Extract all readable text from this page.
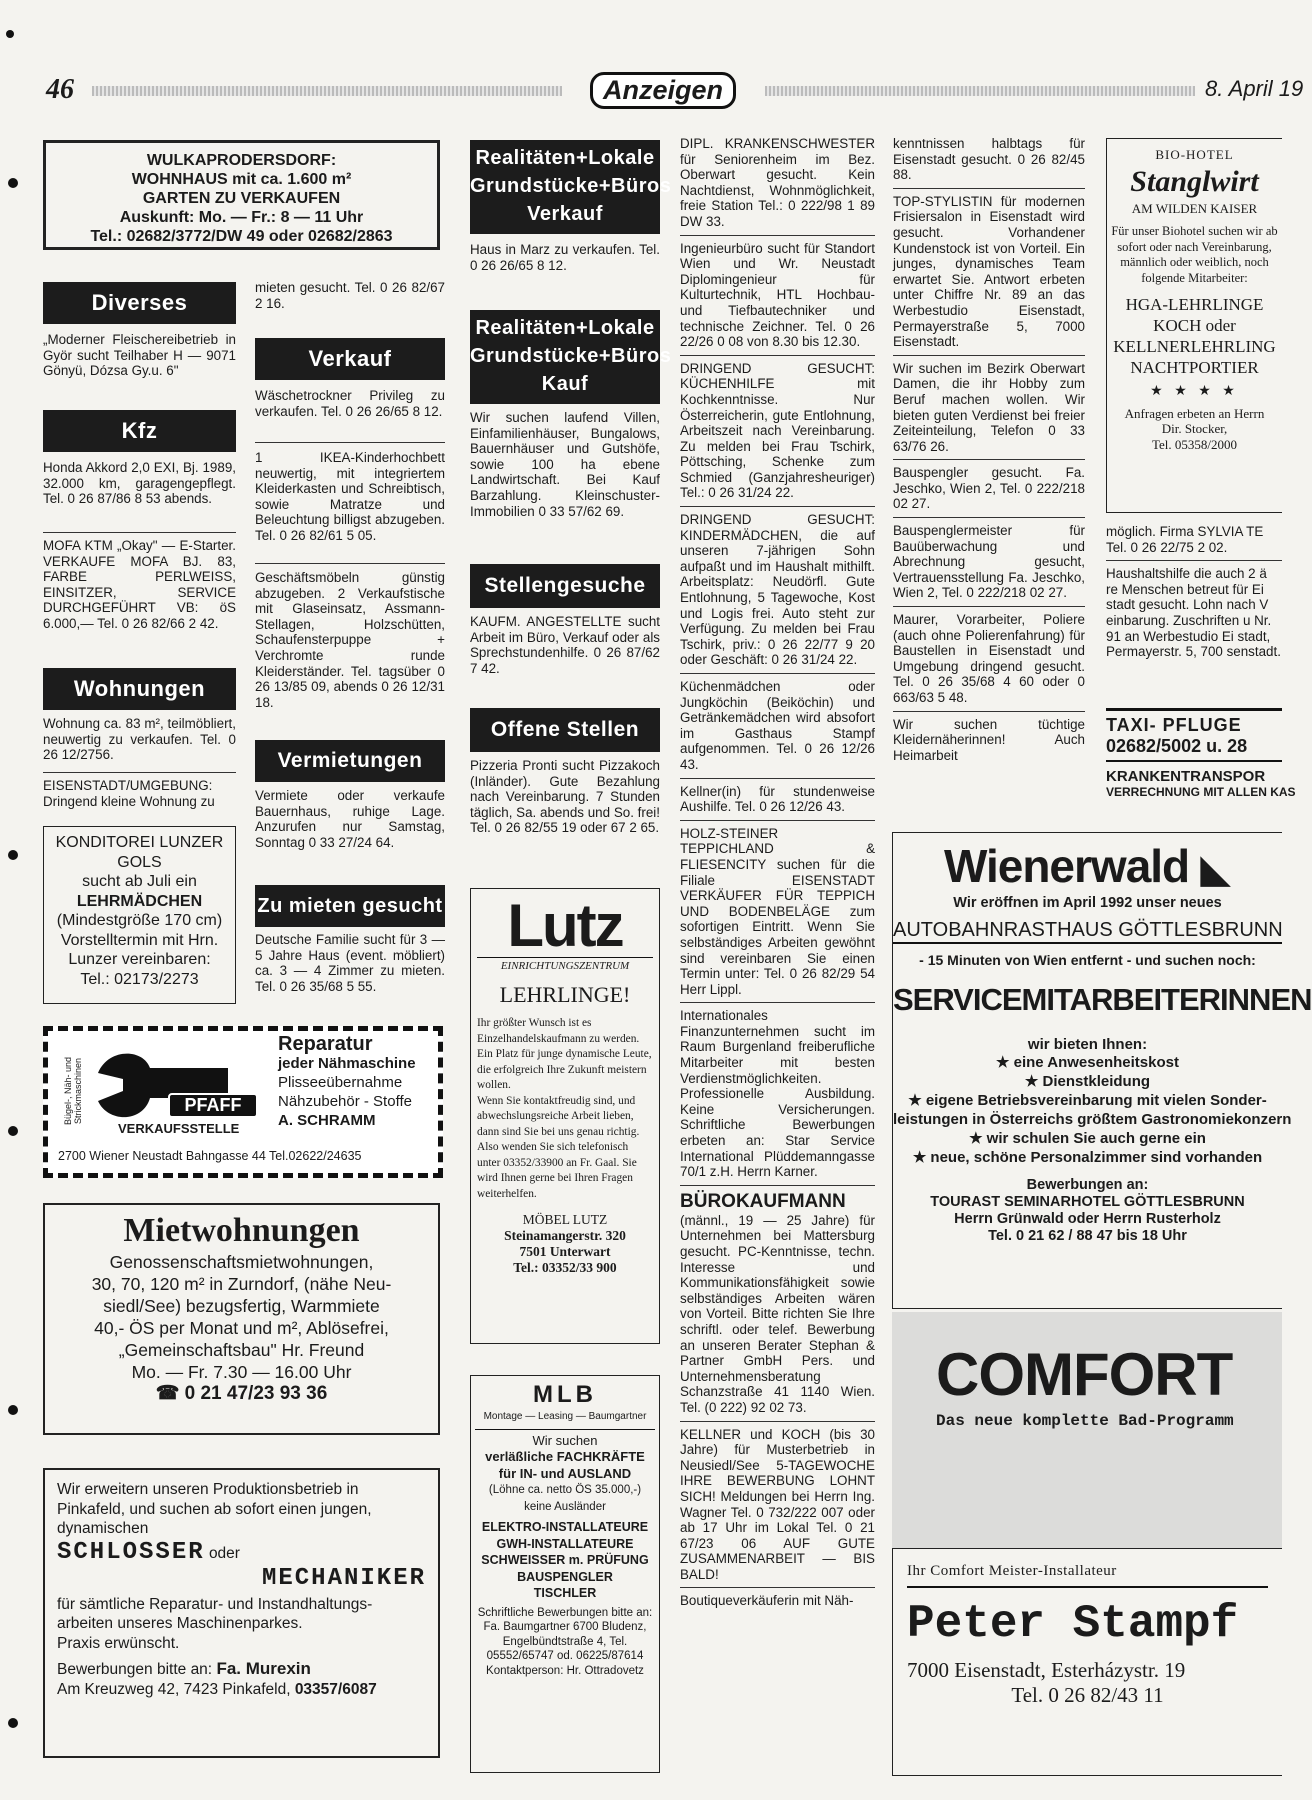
46	Anzeigen	8. April 19
WULKAPRODERSDORF:
WOHNHAUS mit ca. 1.600 m²
GARTEN ZU VERKAUFEN
Auskunft: Mo. — Fr.: 8 — 11 Uhr
Tel.: 02682/3772/DW 49 oder 02682/2863
Diverses
„Moderner Fleischereibetrieb in Györ sucht Teilhaber H — 9071 Gönyü, Dózsa Gy.u. 6"
Kfz
Honda Akkord 2,0 EXI, Bj. 1989, 32.000 km, garagengepflegt. Tel. 0 26 87/86 8 53 abends.
MOFA KTM „Okay" — E-Starter. VERKAUFE MOFA BJ. 83, FARBE PERLWEISS, EINSITZER, SERVICE DURCHGEFÜHRT VB: öS 6.000,— Tel. 0 26 82/66 2 42.
Wohnungen
Wohnung ca. 83 m², teilmöbliert, neuwertig zu verkaufen. Tel. 0 26 12/2756.
EISENSTADT/UMGEBUNG: Dringend kleine Wohnung zu
KONDITOREI LUNZER
GOLS
sucht ab Juli ein
LEHRMÄDCHEN
(Mindestgröße 170 cm)
Vorstelltermin mit Hrn.
Lunzer vereinbaren:
Tel.: 02173/2273
Bügel-, Näh- und Strickmaschinen	PFAFF
VERKAUFSSTELLE
Reparatur
jeder Nähmaschine
Plisseeübernahme
Nähzubehör - Stoffe
A. SCHRAMM
2700 Wiener Neustadt Bahngasse 44 Tel.02622/24635
Mietwohnungen
Genossenschaftsmietwohnungen,
30, 70, 120 m² in Zurndorf, (nähe Neu-
siedl/See) bezugsfertig, Warmmiete
40,- ÖS per Monat und m², Ablösefrei,
„Gemeinschaftsbau" Hr. Freund
Mo. — Fr. 7.30 — 16.00 Uhr
☎ 0 21 47/23 93 36
Wir erweitern unseren Produktionsbetrieb in
Pinkafeld, und suchen ab sofort einen jungen,
dynamischen
SCHLOSSER oder
MECHANIKER
für sämtliche Reparatur- und Instandhaltungs-
arbeiten unseres Maschinenparkes.
Praxis erwünscht.
Bewerbungen bitte an: Fa. Murexin
Am Kreuzweg 42, 7423 Pinkafeld, 03357/6087
mieten gesucht. Tel. 0 26 82/67 2 16.
Verkauf
Wäschetrockner Privileg zu verkaufen. Tel. 0 26 26/65 8 12.
1 IKEA-Kinderhochbett neuwertig, mit integriertem Kleiderkasten und Schreibtisch, sowie Matratze und Beleuchtung billigst abzugeben. Tel. 0 26 82/61 5 05.
Geschäftsmöbeln günstig abzugeben. 2 Verkaufstische mit Glaseinsatz, Assmann-Stellagen, Holzschütten, Schaufensterpuppe + Verchromte runde Kleiderständer. Tel. tagsüber 0 26 13/85 09, abends 0 26 12/31 18.
Vermietungen
Vermiete oder verkaufe Bauernhaus, ruhige Lage. Anzurufen nur Samstag, Sonntag 0 33 27/24 64.
Zu mieten gesucht
Deutsche Familie sucht für 3 — 5 Jahre Haus (event. möbliert) ca. 3 — 4 Zimmer zu mieten. Tel. 0 26 35/68 5 55.
Realitäten+Lokale Grundstücke+Büros Verkauf
Haus in Marz zu verkaufen. Tel. 0 26 26/65 8 12.
Realitäten+Lokale Grundstücke+Büros Kauf
Wir suchen laufend Villen, Einfamilienhäuser, Bungalows, Bauernhäuser und Gutshöfe, sowie 100 ha ebene Landwirtschaft. Bei Kauf Barzahlung. Kleinschuster-Immobilien 0 33 57/62 69.
Stellengesuche
KAUFM. ANGESTELLTE sucht Arbeit im Büro, Verkauf oder als Sprechstundenhilfe. 0 26 87/62 7 42.
Offene Stellen
Pizzeria Pronti sucht Pizzakoch (Inländer). Gute Bezahlung nach Vereinbarung. 7 Stunden täglich, Sa. abends und So. frei! Tel. 0 26 82/55 19 oder 67 2 65.
Lutz
EINRICHTUNGSZENTRUM
LEHRLINGE!
Ihr größter Wunsch ist es Einzelhandelskaufmann zu werden. Ein Platz für junge dynamische Leute, die erfolgreich Ihre Zukunft meistern wollen.
Wenn Sie kontaktfreudig sind, und abwechslungsreiche Arbeit lieben, dann sind Sie bei uns genau richtig. Also wenden Sie sich telefonisch unter 03352/33900 an Fr. Gaal. Sie wird Ihnen gerne bei Ihren Fragen weiterhelfen.
MÖBEL LUTZ
Steinamangerstr. 320
7501 Unterwart
Tel.: 03352/33 900
MLB
Montage — Leasing — Baumgartner
Wir suchen
verläßliche FACHKRÄFTE
für IN- und AUSLAND
(Löhne ca. netto ÖS 35.000,-)
keine Ausländer
ELEKTRO-INSTALLATEURE
GWH-INSTALLATEURE
SCHWEISSER m. PRÜFUNG
BAUSPENGLER
TISCHLER
Schriftliche Bewerbungen bitte an: Fa. Baumgartner 6700 Bludenz, Engelbündtstraße 4, Tel. 05552/65747 od. 06225/87614 Kontaktperson: Hr. Ottradovetz
DIPL. KRANKENSCHWESTER für Seniorenheim im Bez. Oberwart gesucht. Kein Nachtdienst, Wohnmöglichkeit, freie Station Tel.: 0 222/98 1 89 DW 33.
Ingenieurbüro sucht für Standort Wien und Wr. Neustadt Diplomingenieur für Kulturtechnik, HTL Hochbau- und Tiefbautechniker und technische Zeichner. Tel. 0 26 22/26 0 08 von 8.30 bis 12.30.
DRINGEND GESUCHT: KÜCHENHILFE mit Kochkenntnisse. Nur Österreicherin, gute Entlohnung, Arbeitszeit nach Vereinbarung. Zu melden bei Frau Tschirk, Pöttsching, Schenke zum Schmied (Ganzjahresheuriger) Tel.: 0 26 31/24 22.
DRINGEND GESUCHT: KINDERMÄDCHEN, die auf unseren 7-jährigen Sohn aufpaßt und im Haushalt mithilft. Arbeitsplatz: Neudörfl. Gute Entlohnung, 5 Tagewoche, Kost und Logis frei. Auto steht zur Verfügung. Zu melden bei Frau Tschirk, priv.: 0 26 22/77 9 20 oder Geschäft: 0 26 31/24 22.
Küchenmädchen oder Jungköchin (Beiköchin) und Getränkemädchen wird absofort im Gasthaus Stampf aufgenommen. Tel. 0 26 12/26 43.
Kellner(in) für stundenweise Aushilfe. Tel. 0 26 12/26 43.
HOLZ-STEINER TEPPICHLAND & FLIESENCITY suchen für die Filiale EISENSTADT VERKÄUFER FÜR TEPPICH UND BODENBELÄGE zum sofortigen Eintritt. Wenn Sie selbständiges Arbeiten gewöhnt sind vereinbaren Sie einen Termin unter: Tel. 0 26 82/29 54 Herr Lippl.
Internationales Finanzunternehmen sucht im Raum Burgenland freiberufliche Mitarbeiter mit besten Verdienstmöglichkeiten. Professionelle Ausbildung. Keine Versicherungen. Schriftliche Bewerbungen erbeten an: Star Service International Plüddemanngasse 70/1 z.H. Herrn Karner.
BÜROKAUFMANN
(männl., 19 — 25 Jahre) für Unternehmen bei Mattersburg gesucht. PC-Kenntnisse, techn. Interesse und Kommunikationsfähigkeit sowie selbständiges Arbeiten wären von Vorteil. Bitte richten Sie Ihre schriftl. oder telef. Bewerbung an unseren Berater Stephan & Partner GmbH Pers. und Unternehmensberatung Schanzstraße 41 1140 Wien. Tel. (0 222) 92 02 73.
KELLNER und KOCH (bis 30 Jahre) für Musterbetrieb in Neusiedl/See 5-TAGEWOCHE IHRE BEWERBUNG LOHNT SICH! Meldungen bei Herrn Ing. Wagner Tel. 0 732/222 007 oder ab 17 Uhr im Lokal Tel. 0 21 67/23 06 AUF GUTE ZUSAMMENARBEIT — BIS BALD!
Boutiqueverkäuferin mit Näh-
kenntnissen halbtags für Eisenstadt gesucht. 0 26 82/45 88.
TOP-STYLISTIN für modernen Frisiersalon in Eisenstadt wird gesucht. Vorhandener Kundenstock ist von Vorteil. Ein junges, dynamisches Team erwartet Sie. Antwort erbeten unter Chiffre Nr. 89 an das Werbestudio Eisenstadt, Permayerstraße 5, 7000 Eisenstadt.
Wir suchen im Bezirk Oberwart Damen, die ihr Hobby zum Beruf machen wollen. Wir bieten guten Verdienst bei freier Zeiteinteilung, Telefon 0 33 63/76 26.
Bauspengler gesucht. Fa. Jeschko, Wien 2, Tel. 0 222/218 02 27.
Bauspenglermeister für Bauüberwachung und Abrechnung gesucht, Vertrauensstellung Fa. Jeschko, Wien 2, Tel. 0 222/218 02 27.
Maurer, Vorarbeiter, Poliere (auch ohne Polierenfahrung) für Baustellen in Eisenstadt und Umgebung dringend gesucht. Tel. 0 26 35/68 4 60 oder 0 663/63 5 48.
Wir suchen tüchtige Kleidernäherinnen! Auch Heimarbeit
BIO-HOTEL
Stanglwirt
AM WILDEN KAISER
Für unser Biohotel suchen wir ab sofort oder nach Vereinbarung, männlich oder weiblich, noch folgende Mitarbeiter:
HGA-LEHRLINGE
KOCH oder
KELLNERLEHRLING
NACHTPORTIER
★ ★ ★ ★
Anfragen erbeten an Herrn
Dir. Stocker,
Tel. 05358/2000
möglich. Firma SYLVIA TE Tel. 0 26 22/75 2 02.
Haushaltshilfe die auch 2 ä re Menschen betreut für Ei stadt gesucht. Lohn nach V einbarung. Zuschriften u Nr. 91 an Werbestudio Ei stadt, Permayerstr. 5, 700 senstadt.
TAXI- PFLUGE
02682/5002 u. 28
KRANKENTRANSPOR
VERRECHNUNG MIT ALLEN KAS
Wienerwald ◣
Wir eröffnen im April 1992 unser neues
AUTOBAHNRASTHAUS GÖTTLESBRUNN
- 15 Minuten von Wien entfernt - und suchen noch:
SERVICEMITARBEITERINNEN
wir bieten Ihnen:
★ eine Anwesenheitskost
★ Dienstkleidung
★ eigene Betriebsvereinbarung mit vielen Sonder-
leistungen in Österreichs größtem Gastronomiekonzern
★ wir schulen Sie auch gerne ein
★ neue, schöne Personalzimmer sind vorhanden
Bewerbungen an:
TOURAST SEMINARHOTEL GÖTTLESBRUNN
Herrn Grünwald oder Herrn Rusterholz
Tel. 0 21 62 / 88 47 bis 18 Uhr
COMFORT
Das neue komplette Bad-Programm
Ihr Comfort Meister-Installateur
Peter Stampf
7000 Eisenstadt, Esterházystr. 19
Tel. 0 26 82/43 11
